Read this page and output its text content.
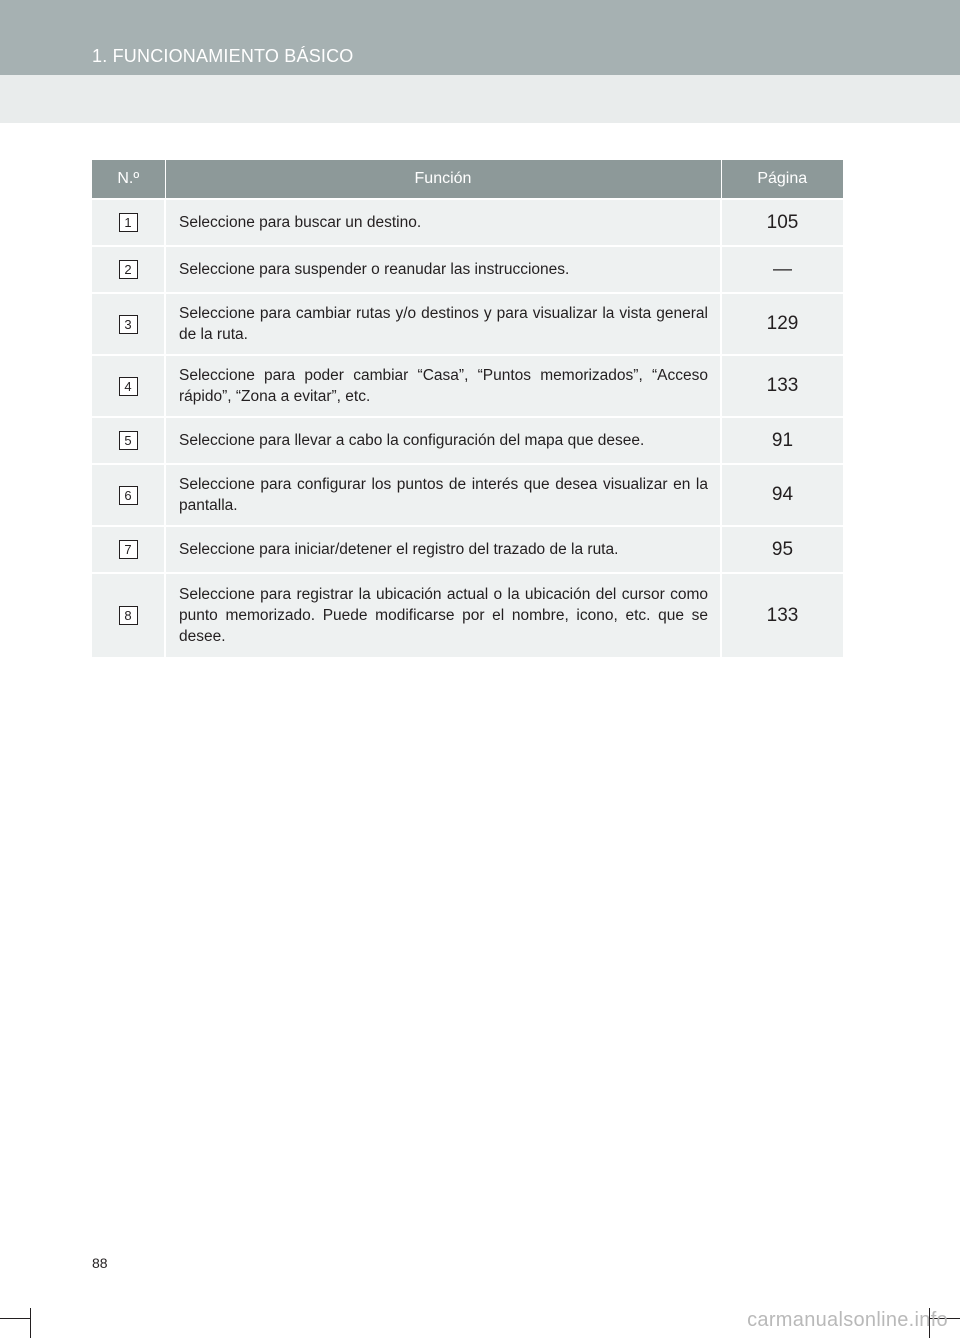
1. FUNCIONAMIENTO BÁSICO
N.º	Función	Página
1	Seleccione para buscar un destino.	105
2	Seleccione para suspender o reanudar las instrucciones.	—
3	Seleccione para cambiar rutas y/o destinos y para visualizar la vista general de la ruta.	129
4	Seleccione para poder cambiar “Casa”, “Puntos memorizados”, “Acceso rápido”, “Zona a evitar”, etc.	133
5	Seleccione para llevar a cabo la configuración del mapa que desee.	91
6	Seleccione para configurar los puntos de interés que desea visualizar en la pantalla.	94
7	Seleccione para iniciar/detener el registro del trazado de la ruta.	95
8	Seleccione para registrar la ubicación actual o la ubicación del cursor como punto memorizado. Puede modificarse por el nombre, icono, etc. que se desee.	133
88
carmanualsonline.info
